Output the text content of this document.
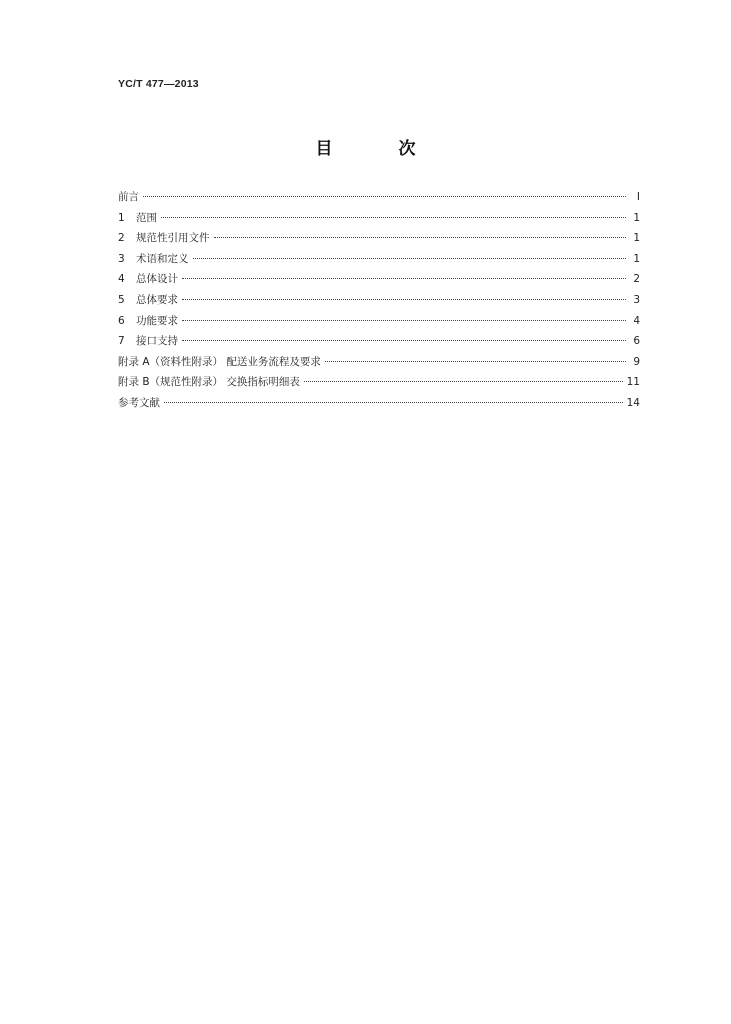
YC/T 477—2013
目 次
前言	Ⅰ
1 范围	1
2 规范性引用文件	1
3 术语和定义	1
4 总体设计	2
5 总体要求	3
6 功能要求	4
7 接口支持	6
附录 A（资料性附录） 配送业务流程及要求	9
附录 B（规范性附录） 交换指标明细表	11
参考文献	14
